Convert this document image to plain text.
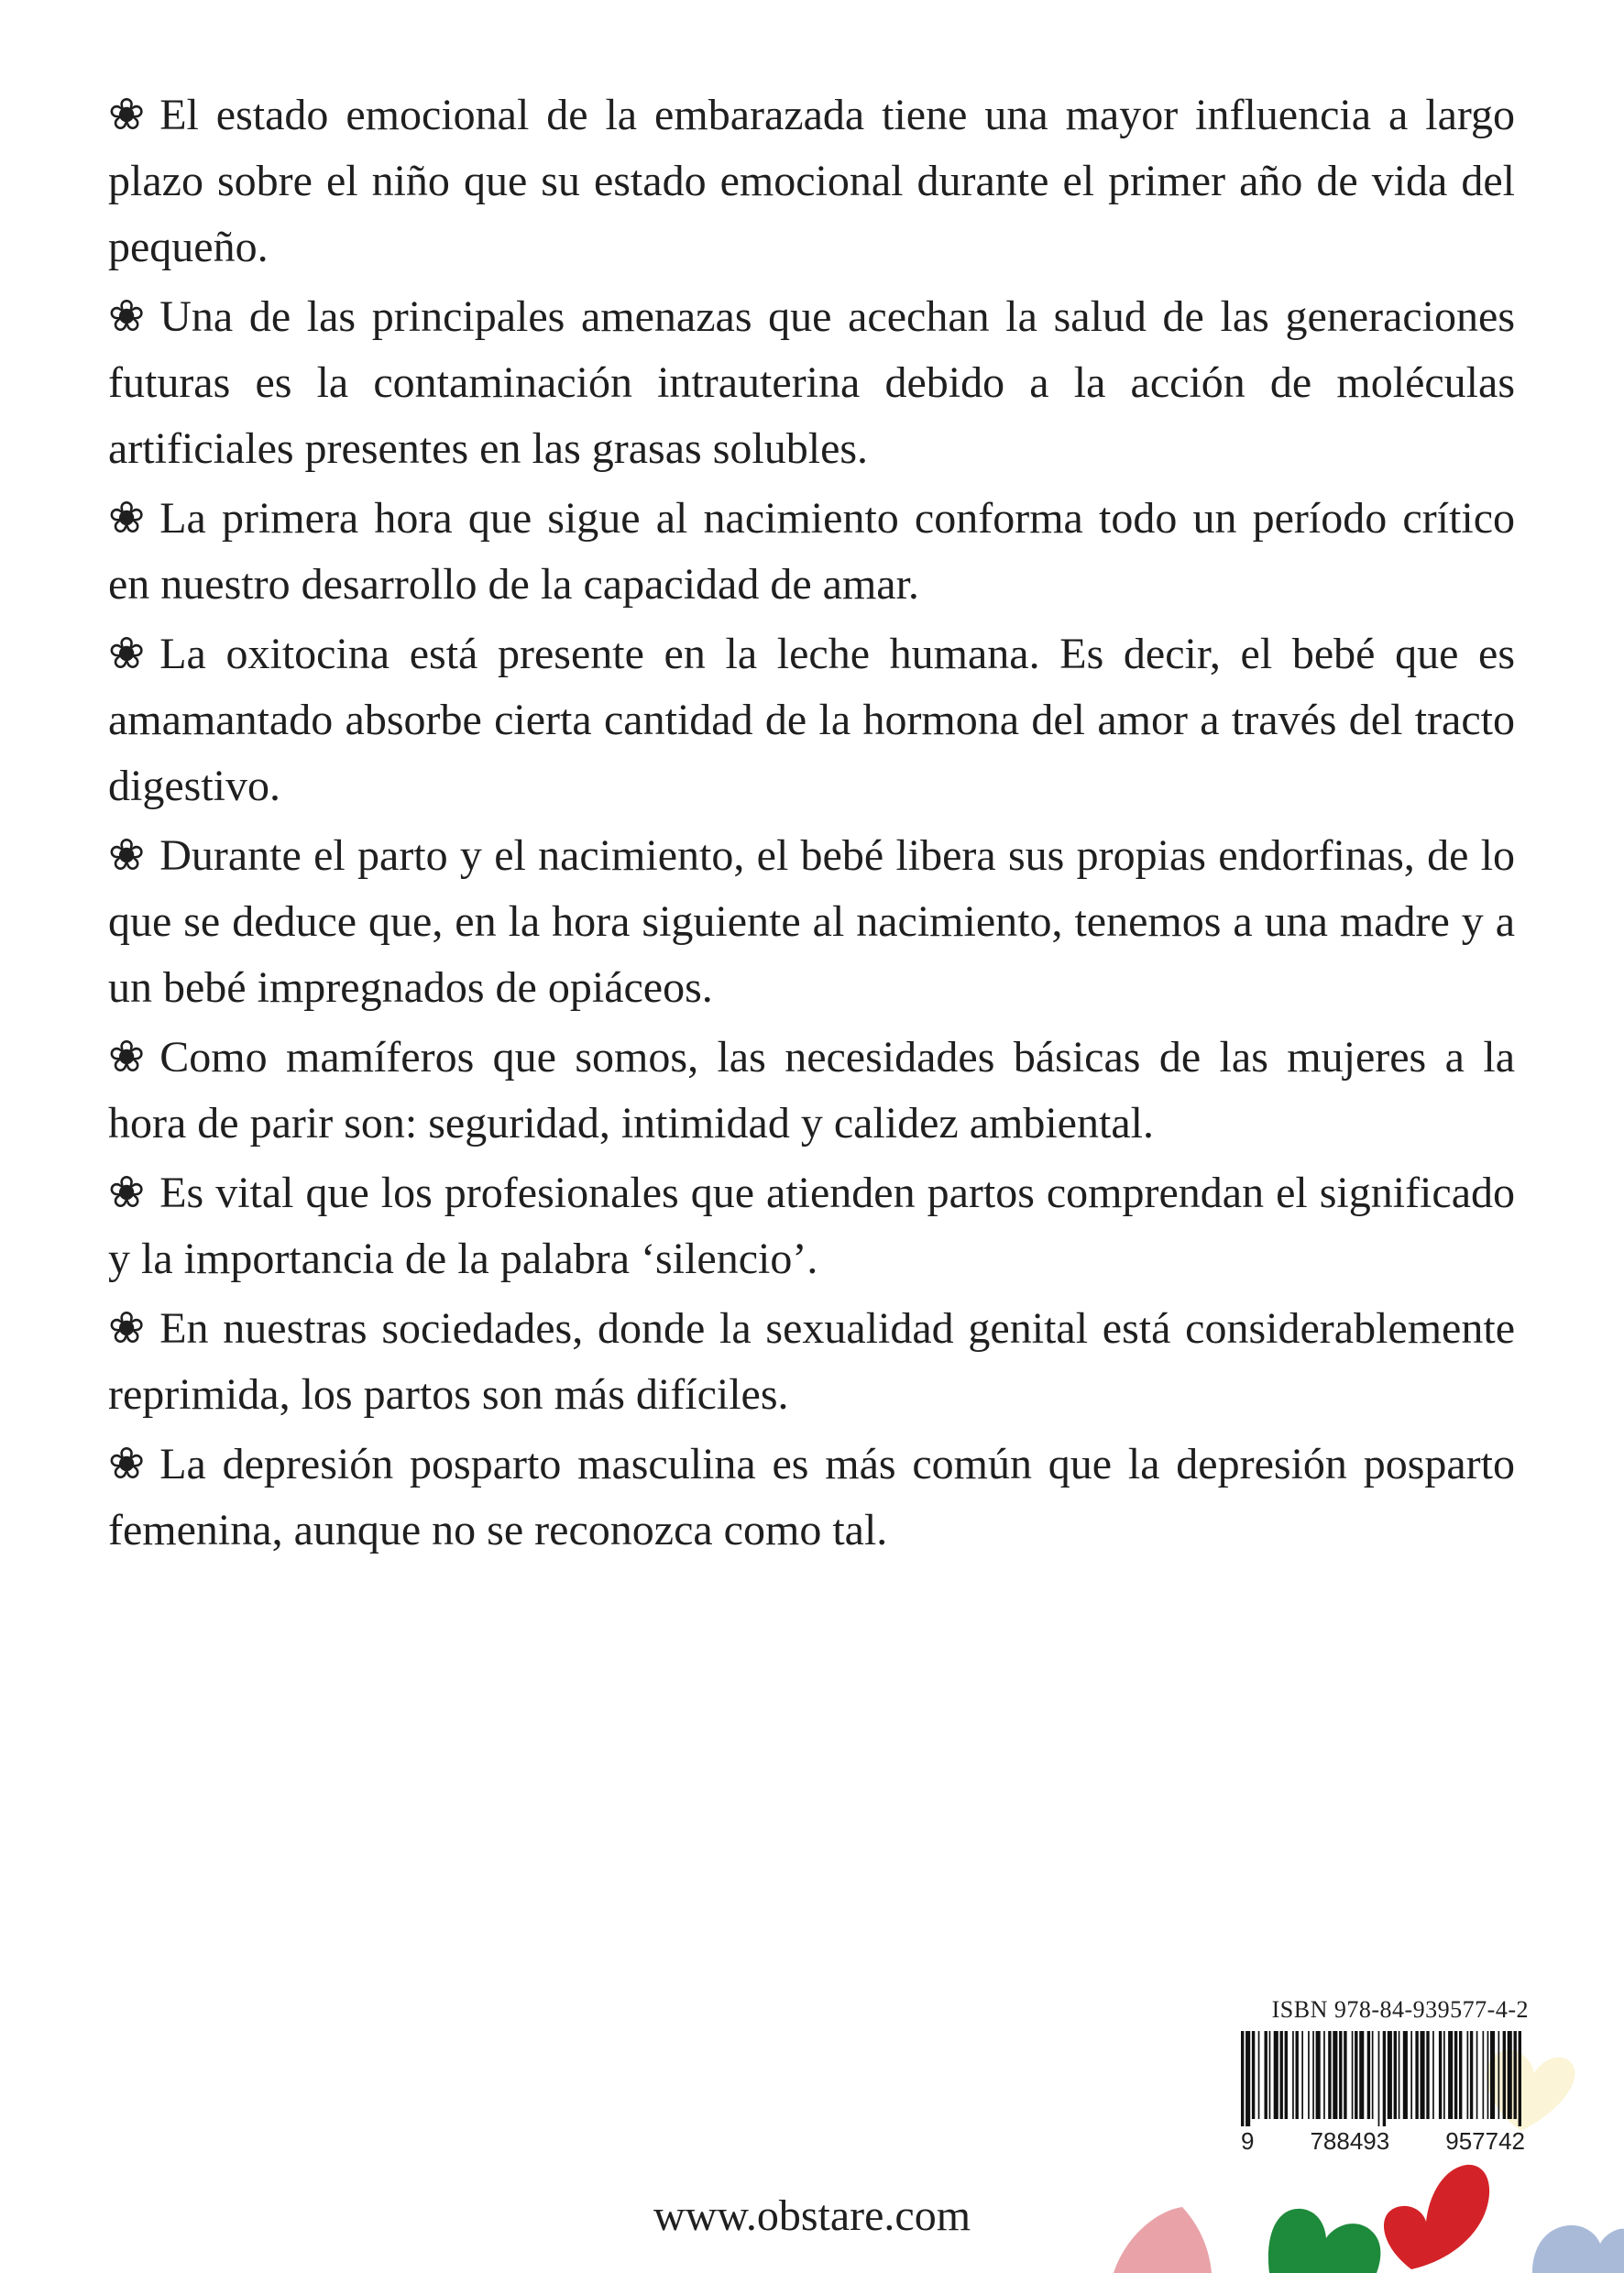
❀ El estado emocional de la embarazada tiene una mayor influencia a largo plazo sobre el niño que su estado emocional durante el primer año de vida del pequeño.

❀ Una de las principales amenazas que acechan la salud de las generaciones futuras es la contaminación intrauterina debido a la acción de moléculas artificiales presentes en las grasas solubles.

❀ La primera hora que sigue al nacimiento conforma todo un período crítico en nuestro desarrollo de la capacidad de amar.

❀ La oxitocina está presente en la leche humana. Es decir, el bebé que es amamantado absorbe cierta cantidad de la hormona del amor a través del tracto digestivo.

❀ Durante el parto y el nacimiento, el bebé libera sus propias endorfinas, de lo que se deduce que, en la hora siguiente al nacimiento, tenemos a una madre y a un bebé impregnados de opiáceos.

❀ Como mamíferos que somos, las necesidades básicas de las mujeres a la hora de parir son: seguridad, intimidad y calidez ambiental.

❀ Es vital que los profesionales que atienden partos comprendan el significado y la importancia de la palabra ‘silencio’.

❀ En nuestras sociedades, donde la sexualidad genital está considerablemente reprimida, los partos son más difíciles.

❀ La depresión posparto masculina es más común que la depresión posparto femenina, aunque no se reconozca como tal.

ISBN 978-84-939577-4-2
9 788493 957742
www.obstare.com
